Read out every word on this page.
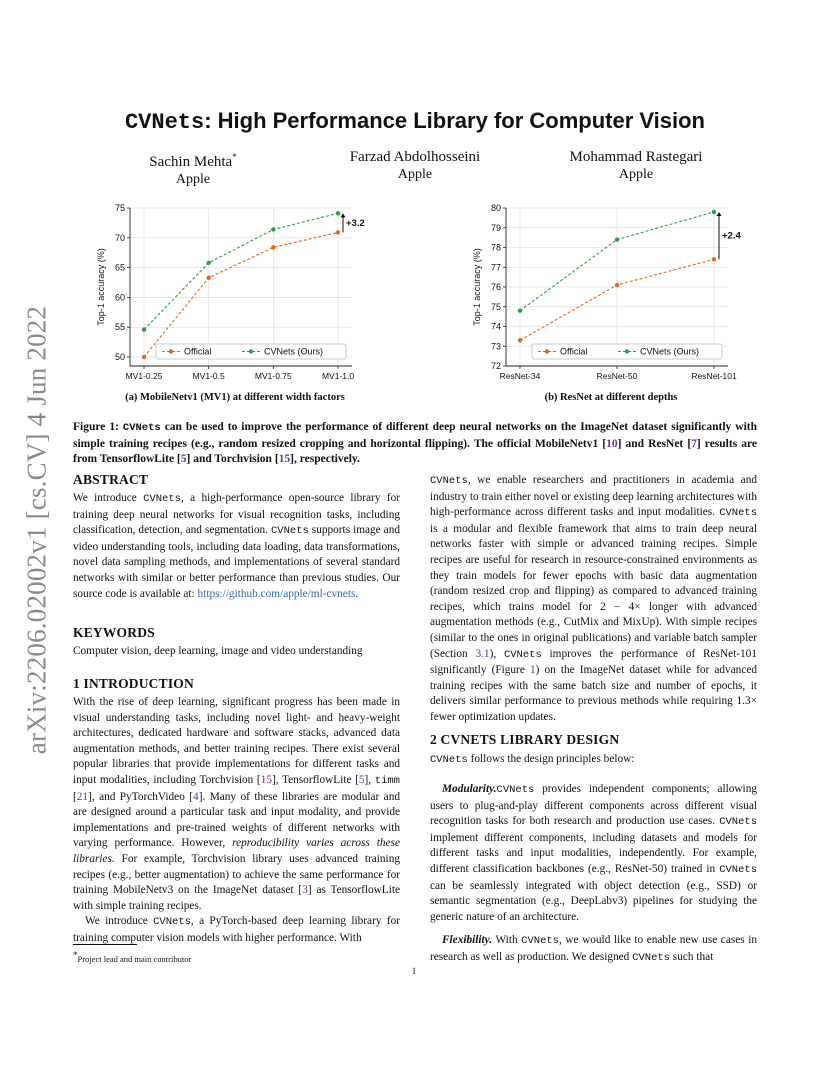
arXiv:2206.02002v1 [cs.CV] 4 Jun 2022
CVNets: High Performance Library for Computer Vision
Sachin Mehta*
Apple
Farzad Abdolhosseini
Apple
Mohammad Rastegari
Apple
50
55
60
65
70
75
MV1-0.25	MV1-0.5	MV1-0.75	MV1-1.0
Top-1 accuracy (%)
+3.2
Official	CVNets (Ours)
72
73
74
75
76
77
78
79
80
ResNet-34	ResNet-50	ResNet-101
Top-1 accuracy (%)
+2.4
Official	CVNets (Ours)
(a) MobileNetv1 (MV1) at different width factors	(b) ResNet at different depths
Figure 1: CVNets can be used to improve the performance of different deep neural networks on the ImageNet dataset significantly with simple training recipes (e.g., random resized cropping and horizontal flipping). The official MobileNetv1 [10] and ResNet [7] results are from TensorflowLite [5] and Torchvision [15], respectively.
ABSTRACT

We introduce CVNets, a high-performance open-source library for training deep neural networks for visual recognition tasks, including classification, detection, and segmentation. CVNets supports image and video understanding tools, including data loading, data transformations, novel data sampling methods, and implementations of several standard networks with similar or better performance than previous studies. Our source code is available at: https://github.com/apple/ml-cvnets.

KEYWORDS
Computer vision, deep learning, image and video understanding
1 INTRODUCTION

With the rise of deep learning, significant progress has been made in visual understanding tasks, including novel light- and heavy-weight architectures, dedicated hardware and software stacks, advanced data augmentation methods, and better training recipes. There exist several popular libraries that provide implementations for different tasks and input modalities, including Torchvision [15], TensorflowLite [5], timm [21], and PyTorchVideo [4]. Many of these libraries are modular and are designed around a particular task and input modality, and provide implementations and pre-trained weights of different networks with varying performance. However, reproducibility varies across these libraries. For example, Torchvision library uses advanced training recipes (e.g., better augmentation) to achieve the same performance for training MobileNetv3 on the ImageNet dataset [3] as TensorflowLite with simple training recipes.

We introduce CVNets, a PyTorch-based deep learning library for training computer vision models with higher performance. With

*Project lead and main contributor

CVNets, we enable researchers and practitioners in academia and industry to train either novel or existing deep learning architectures with high-performance across different tasks and input modalities. CVNets is a modular and flexible framework that aims to train deep neural networks faster with simple or advanced training recipes. Simple recipes are useful for research in resource-constrained environments as they train models for fewer epochs with basic data augmentation (random resized crop and flipping) as compared to advanced training recipes, which trains model for 2 − 4× longer with advanced augmentation methods (e.g., CutMix and MixUp). With simple recipes (similar to the ones in original publications) and variable batch sampler (Section 3.1), CVNets improves the performance of ResNet-101 significantly (Figure 1) on the ImageNet dataset while for advanced training recipes with the same batch size and number of epochs, it delivers similar performance to previous methods while requiring 1.3× fewer optimization updates.

2 CVNETS LIBRARY DESIGN

CVNets follows the design principles below:

Modularity.CVNets provides independent components; allowing users to plug-and-play different components across different visual recognition tasks for both research and production use cases. CVNets implement different components, including datasets and models for different tasks and input modalities, independently. For example, different classification backbones (e.g., ResNet-50) trained in CVNets can be seamlessly integrated with object detection (e.g., SSD) or semantic segmentation (e.g., DeepLabv3) pipelines for studying the generic nature of an architecture.

Flexibility. With CVNets, we would like to enable new use cases in research as well as production. We designed CVNets such that

1
